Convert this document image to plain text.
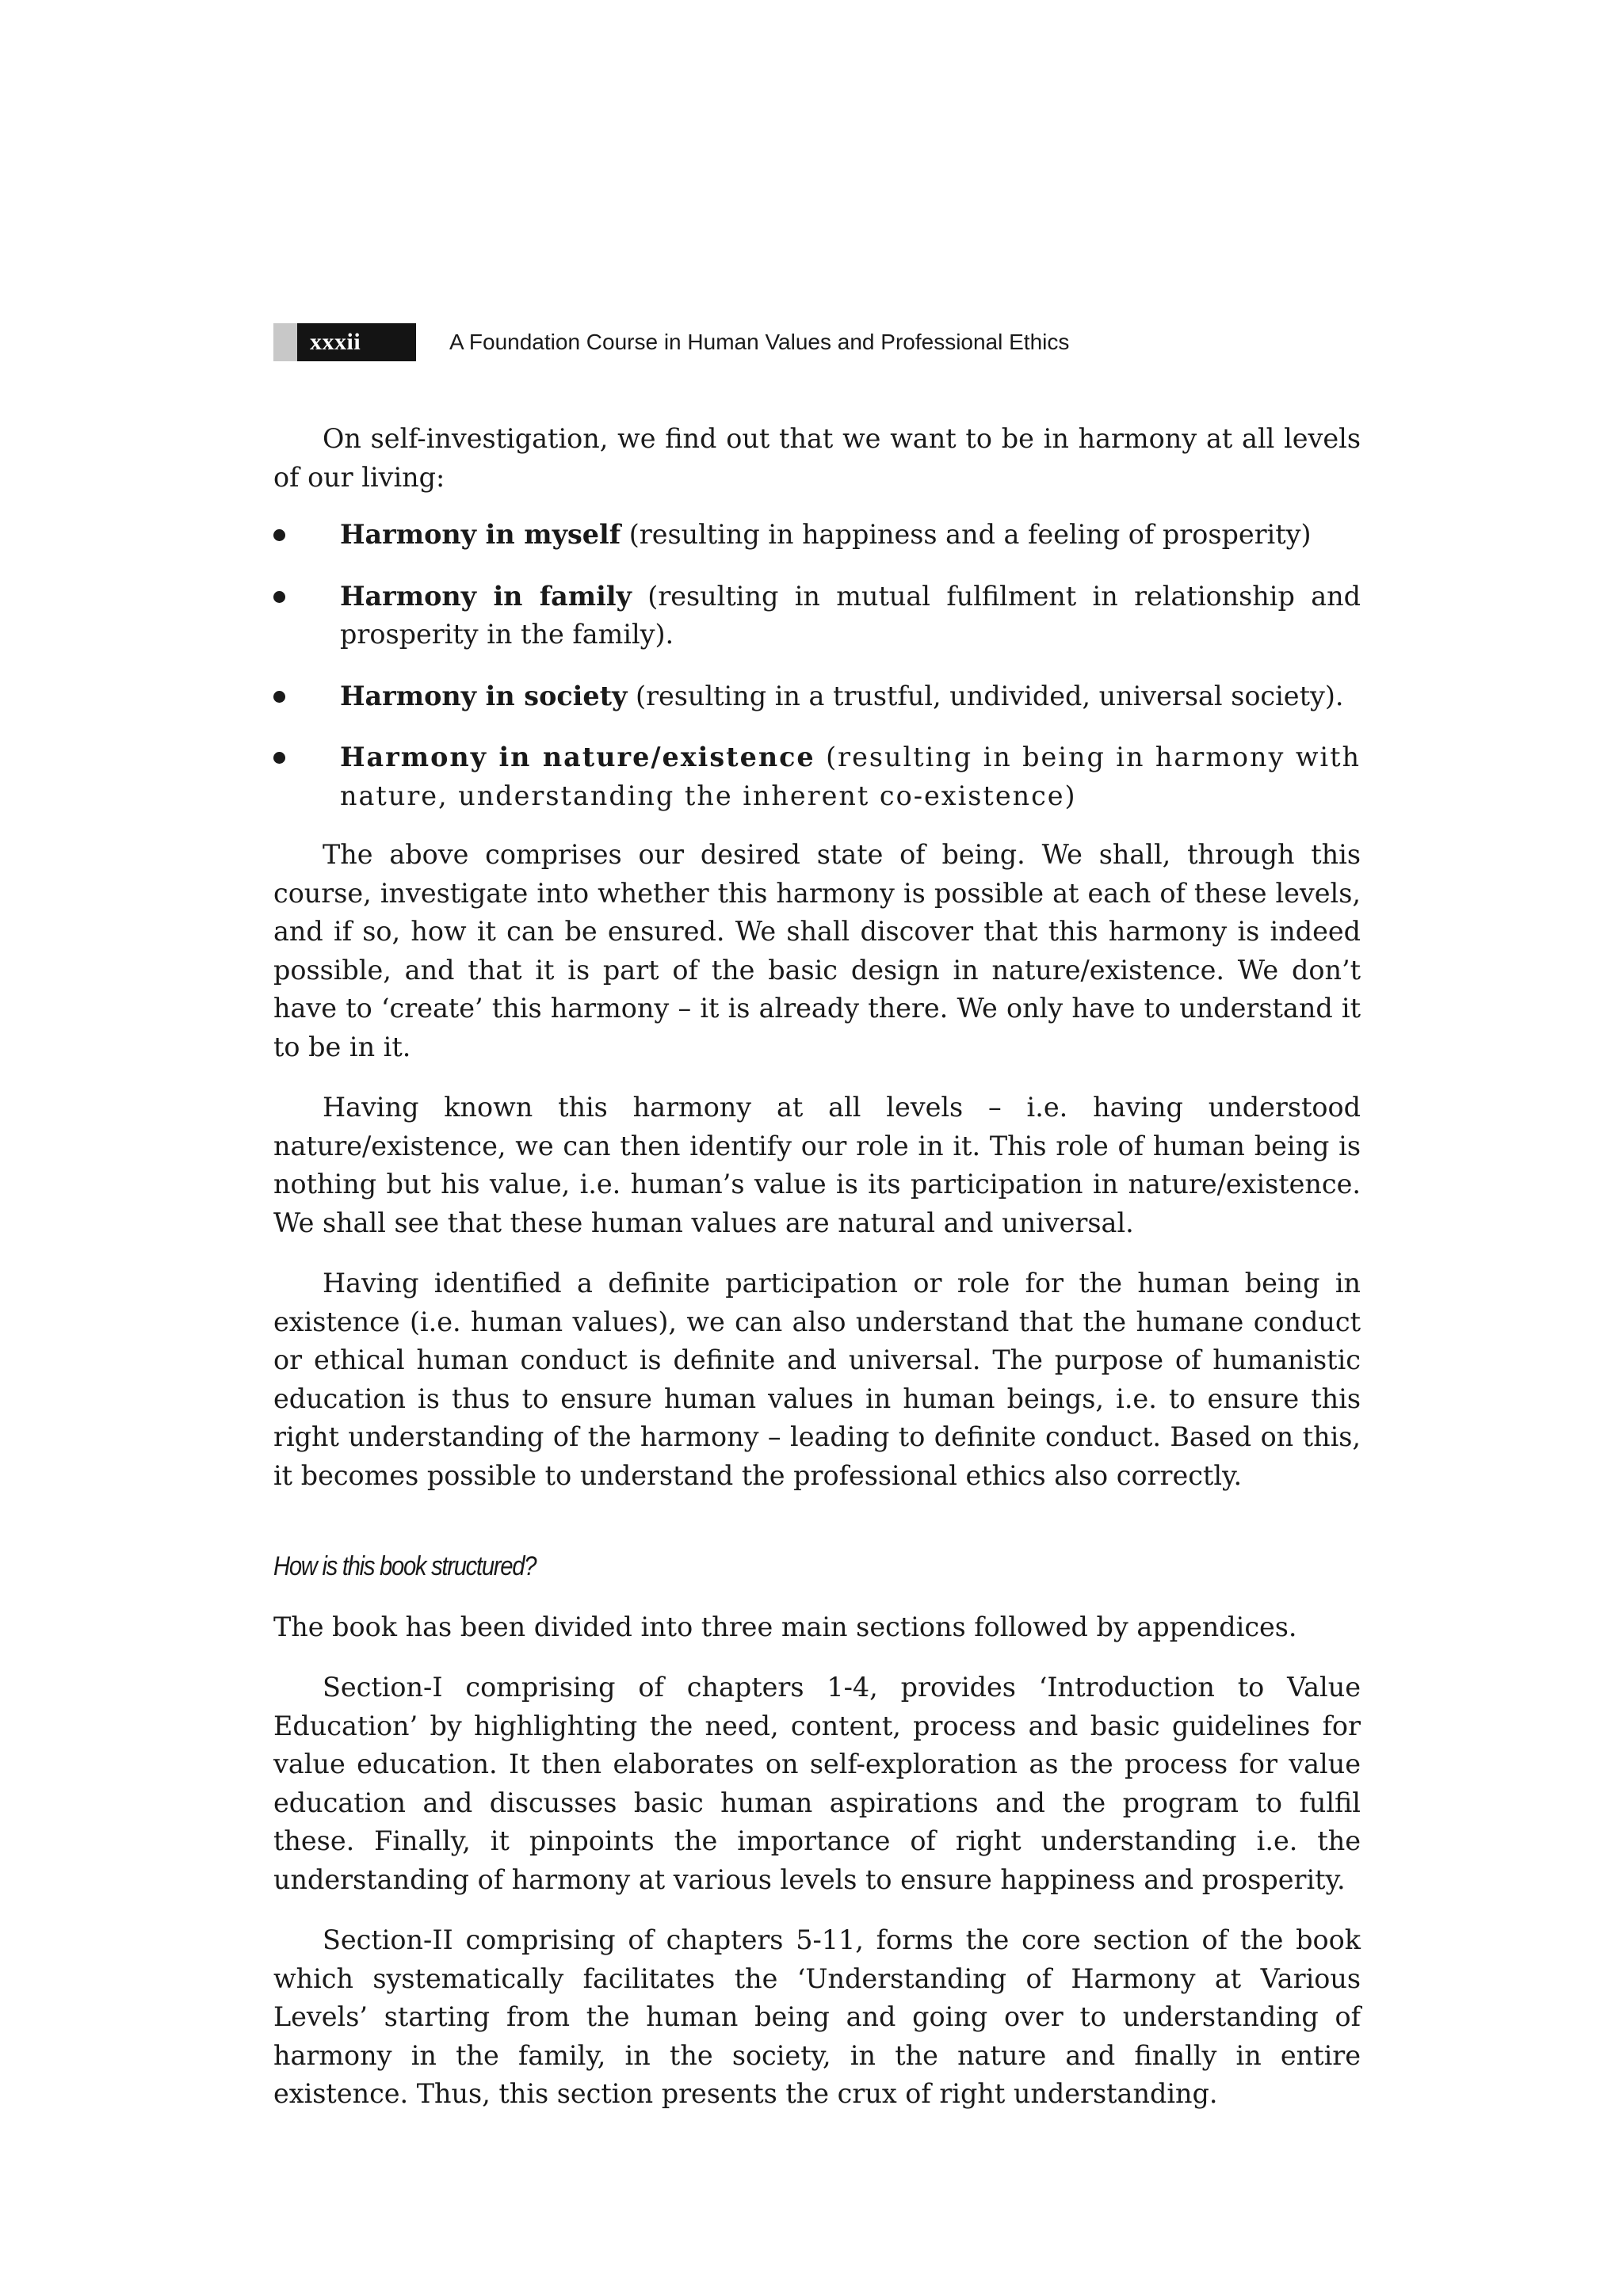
xxxii	A Foundation Course in Human Values and Professional Ethics

On self-investigation, we find out that we want to be in harmony at all levels of our living:

Harmony in myself (resulting in happiness and a feeling of prosperity)
Harmony in family (resulting in mutual fulfilment in relationship and prosperity in the family).
Harmony in society (resulting in a trustful, undivided, universal society).
Harmony in nature/existence (resulting in being in harmony with nature, understanding the inherent co-existence)

The above comprises our desired state of being. We shall, through this course, investigate into whether this harmony is possible at each of these levels, and if so, how it can be ensured. We shall discover that this harmony is indeed possible, and that it is part of the basic design in nature/existence. We don’t have to ‘create’ this harmony – it is already there. We only have to understand it to be in it.

Having known this harmony at all levels – i.e. having understood nature/existence, we can then identify our role in it. This role of human being is nothing but his value, i.e. human’s value is its participation in nature/existence. We shall see that these human values are natural and universal.

Having identified a definite participation or role for the human being in existence (i.e. human values), we can also understand that the humane conduct or ethical human conduct is definite and universal. The purpose of humanistic education is thus to ensure human values in human beings, i.e. to ensure this right understanding of the harmony – leading to definite conduct. Based on this, it becomes possible to understand the professional ethics also correctly.

How is this book structured?

The book has been divided into three main sections followed by appendices.

Section-I comprising of chapters 1-4, provides ‘Introduction to Value Education’ by highlighting the need, content, process and basic guidelines for value education. It then elaborates on self-exploration as the process for value education and discusses basic human aspirations and the program to fulfil these. Finally, it pinpoints the importance of right understanding i.e. the understanding of harmony at various levels to ensure happiness and prosperity.

Section-II comprising of chapters 5-11, forms the core section of the book which systematically facilitates the ‘Understanding of Harmony at Various Levels’ starting from the human being and going over to understanding of harmony in the family, in the society, in the nature and finally in entire existence. Thus, this section presents the crux of right understanding.
